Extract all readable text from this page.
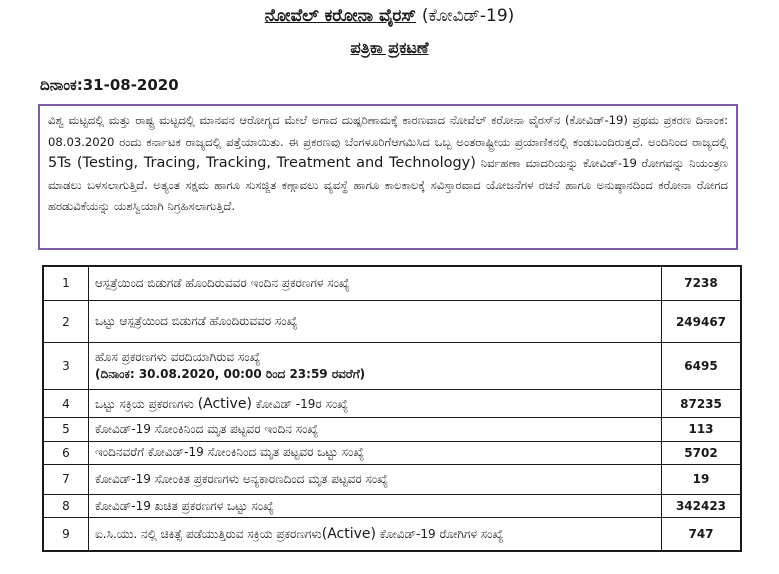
ನೋವೆಲ್ ಕರೋನಾ ವೈರಸ್ (ಕೋವಿಡ್-19)
ಪತ್ರಿಕಾ ಪ್ರಕಟಣೆ
ದಿನಾಂಕ:31-08-2020
ವಿಶ್ವ ಮಟ್ಟದಲ್ಲಿ ಮತ್ತು ರಾಷ್ಟ್ರ ಮಟ್ಟದಲ್ಲಿ ಮಾನವನ ಆರೋಗ್ಯದ ಮೇಲೆ ಅಗಾದ ದುಷ್ಪರಿಣಾಮಕ್ಕೆ ಕಾರಣವಾದ ನೋವೆಲ್ ಕರೋನಾ ವೈರಸ್‌ನ (ಕೋವಿಡ್-19) ಪ್ರಥಮ ಪ್ರಕರಣ ದಿನಾಂಕ: 08.03.2020 ರಂದು ಕರ್ನಾಟಕ ರಾಜ್ಯದಲ್ಲಿ ಪತ್ತೆಯಾಯಿತು. ಈ ಪ್ರಕರಣವು ಬೆಂಗಳೂರಿಗೆಆಗಮಿಸಿದ ಒಬ್ಬ ಅಂತರಾಷ್ಟ್ರೀಯ ಪ್ರಯಾಣಿಕನಲ್ಲಿ ಕಂಡುಬಂದಿರುತ್ತದೆ. ಅಂದಿನಿಂದ ರಾಜ್ಯದಲ್ಲಿ 5Ts (Testing, Tracing, Tracking, Treatment and Technology) ನಿರ್ವಹಣಾ ಮಾದರಿಯನ್ನು ಕೋವಿಡ್-19 ರೋಗವನ್ನು ನಿಯಂತ್ರಣ ಮಾಡಲು ಬಳಸಲಾಗುತ್ತಿದೆ. ಅತ್ಯಂತ ಸಕ್ಷಮ ಹಾಗೂ ಸುಸಜ್ಜಿತ ಕಣ್ಗಾವಲು ವ್ಯವಸ್ಥೆ ಹಾಗೂ ಕಾಲಕಾಲಕ್ಕೆ ಸವಿಸ್ತಾರವಾದ ಯೋಜನೆಗಳ ರಚನೆ ಹಾಗೂ ಅನುಷ್ಠಾನದಿಂದ ಕರೋನಾ ರೋಗದ ಹರಡುವಿಕೆಯನ್ನು ಯಶಸ್ವಿಯಾಗಿ ನಿಗ್ರಹಿಸಲಾಗುತ್ತಿದೆ.
1	ಆಸ್ಪತ್ರೆಯಿಂದ ಬಿಡುಗಡೆ ಹೊಂದಿರುವವರ ಇಂದಿನ ಪ್ರಕರಣಗಳ ಸಂಖ್ಯೆ	7238
2	ಒಟ್ಟು ಆಸ್ಪತ್ರೆಯಿಂದ ಬಿಡುಗಡೆ ಹೊಂದಿರುವವರ ಸಂಖ್ಯೆ	249467
3	ಹೊಸ ಪ್ರಕರಣಗಳು ವರದಿಯಾಗಿರುವ ಸಂಖ್ಯೆ
(ದಿನಾಂಕ: 30.08.2020, 00:00 ರಿಂದ 23:59 ರವರೆಗೆ)	6495
4	ಒಟ್ಟು ಸಕ್ರಿಯ ಪ್ರಕರಣಗಳು (Active) ಕೋವಿಡ್ -19ರ ಸಂಖ್ಯೆ	87235
5	ಕೋವಿಡ್-19 ಸೋಂಕಿನಿಂದ ಮೃತ ಪಟ್ಟವರ ಇಂದಿನ ಸಂಖ್ಯೆ	113
6	ಇಂದಿನವರೆಗೆ ಕೋವಿಡ್-19 ಸೋಂಕಿನಿಂದ ಮೃತ ಪಟ್ಟವರ ಒಟ್ಟು ಸಂಖ್ಯೆ	5702
7	ಕೋವಿಡ್-19 ಸೋಂಕಿತ ಪ್ರಕರಣಗಳು ಅನ್ಯಕಾರಣದಿಂದ ಮೃತ ಪಟ್ಟವರ ಸಂಖ್ಯೆ	19
8	ಕೋವಿಡ್-19 ಖಚಿತ ಪ್ರಕರಣಗಳ ಒಟ್ಟು ಸಂಖ್ಯೆ	342423
9	ಐ.ಸಿ.ಯು. ನಲ್ಲಿ ಚಿಕಿತ್ಸೆ ಪಡೆಯುತ್ತಿರುವ ಸಕ್ರಿಯ ಪ್ರಕರಣಗಳು(Active) ಕೋವಿಡ್-19 ರೋಗಿಗಳ ಸಂಖ್ಯೆ	747
